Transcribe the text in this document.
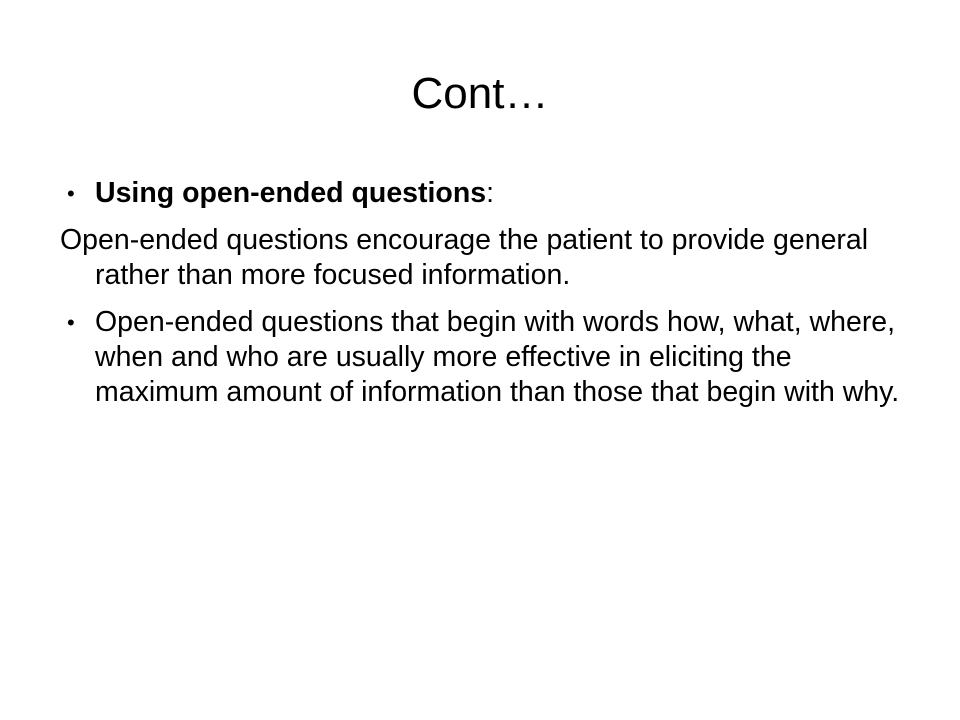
Cont…

• Using open-ended questions:

Open-ended questions encourage the patient to provide general rather than more focused information.

• Open-ended questions that begin with words how, what, where, when and who are usually more effective in eliciting the maximum amount of information than those that begin with why.
